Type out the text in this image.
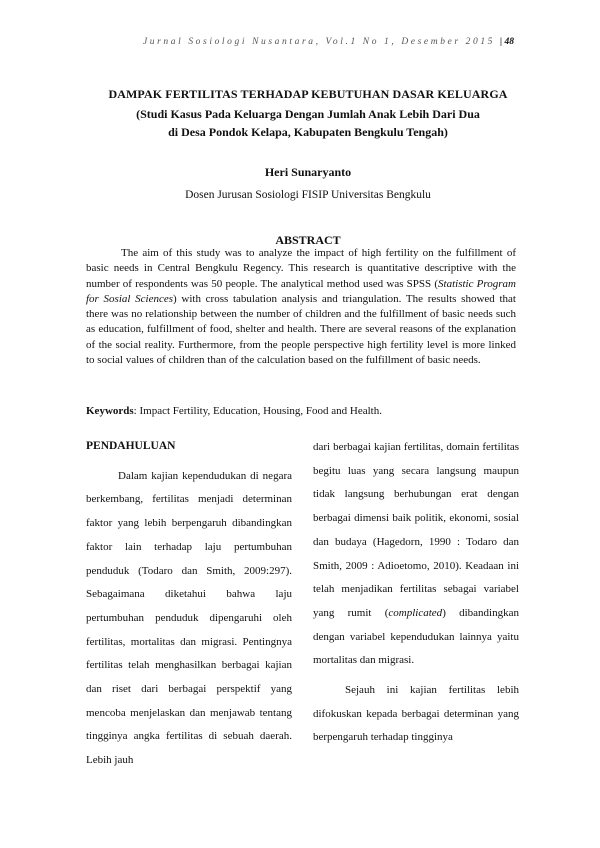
Jurnal Sosiologi Nusantara, Vol.1 No 1, Desember 2015 | 48
DAMPAK FERTILITAS TERHADAP KEBUTUHAN DASAR KELUARGA
(Studi Kasus Pada Keluarga Dengan Jumlah Anak Lebih Dari Dua
di Desa Pondok Kelapa, Kabupaten Bengkulu Tengah)
Heri Sunaryanto
Dosen Jurusan Sosiologi FISIP Universitas Bengkulu
ABSTRACT

The aim of this study was to analyze the impact of high fertility on the fulfillment of basic needs in Central Bengkulu Regency. This research is quantitative descriptive with the number of respondents was 50 people. The analytical method used was SPSS (Statistic Program for Sosial Sciences) with cross tabulation analysis and triangulation. The results showed that there was no relationship between the number of children and the fulfillment of basic needs such as education, fulfillment of food, shelter and health. There are several reasons of the explanation of the social reality. Furthermore, from the people perspective high fertility level is more linked to social values of children than of the calculation based on the fulfillment of basic needs.

Keywords: Impact Fertility, Education, Housing, Food and Health.

PENDAHULUAN

Dalam kajian kependudukan di negara berkembang, fertilitas menjadi determinan faktor yang lebih berpengaruh dibandingkan faktor lain terhadap laju pertumbuhan penduduk (Todaro dan Smith, 2009:297). Sebagaimana diketahui bahwa laju pertumbuhan penduduk dipengaruhi oleh fertilitas, mortalitas dan migrasi. Pentingnya fertilitas telah menghasilkan berbagai kajian dan riset dari berbagai perspektif yang mencoba menjelaskan dan menjawab tentang tingginya angka fertilitas di sebuah daerah. Lebih jauh

dari berbagai kajian fertilitas, domain fertilitas begitu luas yang secara langsung maupun tidak langsung berhubungan erat dengan berbagai dimensi baik politik, ekonomi, sosial dan budaya (Hagedorn, 1990 : Todaro dan Smith, 2009 : Adioetomo, 2010). Keadaan ini telah menjadikan fertilitas sebagai variabel yang rumit (complicated) dibandingkan dengan variabel kependudukan lainnya yaitu mortalitas dan migrasi.

Sejauh ini kajian fertilitas lebih difokuskan kepada berbagai determinan yang berpengaruh terhadap tingginya
